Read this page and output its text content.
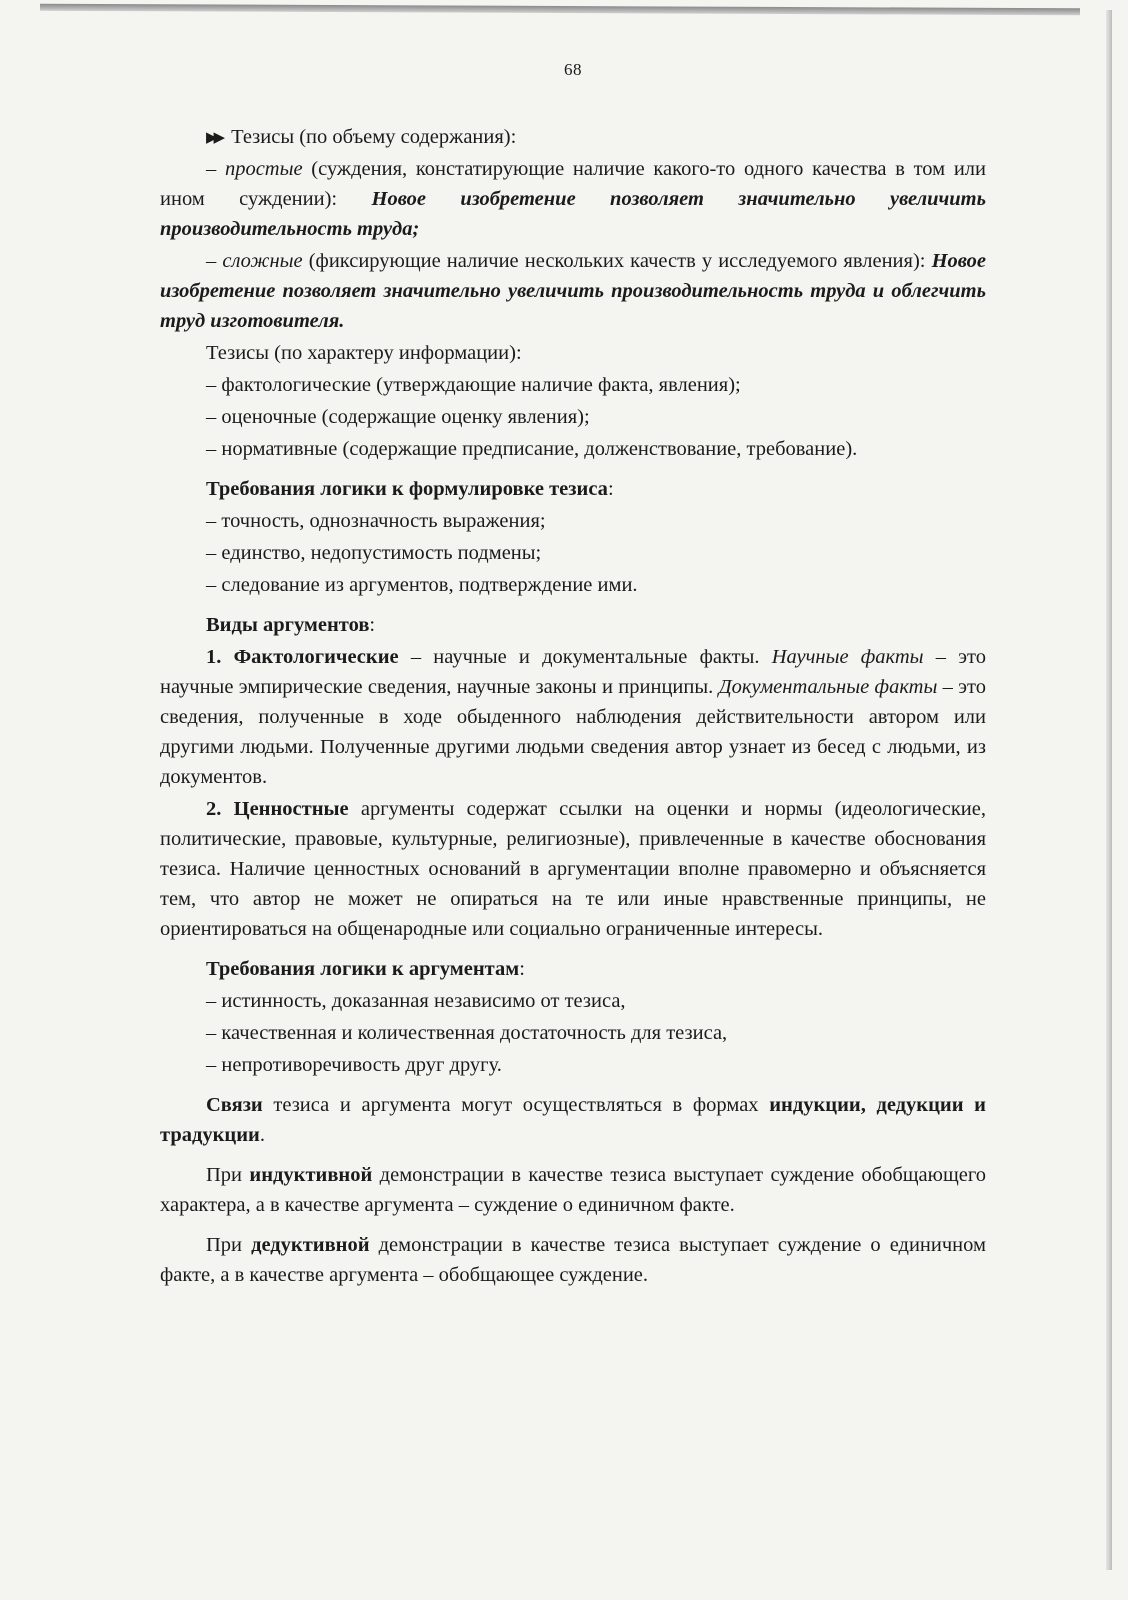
68

▶▶ Тезисы (по объему содержания):

– простые (суждения, констатирующие наличие какого-то одного качества в том или ином суждении): Новое изобретение позволяет значительно увеличить производительность труда;

– сложные (фиксирующие наличие нескольких качеств у исследуемого явления): Новое изобретение позволяет значительно увеличить производительность труда и облегчить труд изготовителя.

Тезисы (по характеру информации):

– фактологические (утверждающие наличие факта, явления);

– оценочные (содержащие оценку явления);

– нормативные (содержащие предписание, долженствование, требование).

Требования логики к формулировке тезиса:

– точность, однозначность выражения;

– единство, недопустимость подмены;

– следование из аргументов, подтверждение ими.

Виды аргументов:

1. Фактологические – научные и документальные факты. Научные факты – это научные эмпирические сведения, научные законы и принципы. Документальные факты – это сведения, полученные в ходе обыденного наблюдения действительности автором или другими людьми. Полученные другими людьми сведения автор узнает из бесед с людьми, из документов.

2. Ценностные аргументы содержат ссылки на оценки и нормы (идеологические, политические, правовые, культурные, религиозные), привлеченные в качестве обоснования тезиса. Наличие ценностных оснований в аргументации вполне правомерно и объясняется тем, что автор не может не опираться на те или иные нравственные принципы, не ориентироваться на общенародные или социально ограниченные интересы.

Требования логики к аргументам:

– истинность, доказанная независимо от тезиса,

– качественная и количественная достаточность для тезиса,

– непротиворечивость друг другу.

Связи тезиса и аргумента могут осуществляться в формах индукции, дедукции и традукции.

При индуктивной демонстрации в качестве тезиса выступает суждение обобщающего характера, а в качестве аргумента – суждение о единичном факте.

При дедуктивной демонстрации в качестве тезиса выступает суждение о единичном факте, а в качестве аргумента – обобщающее суждение.
